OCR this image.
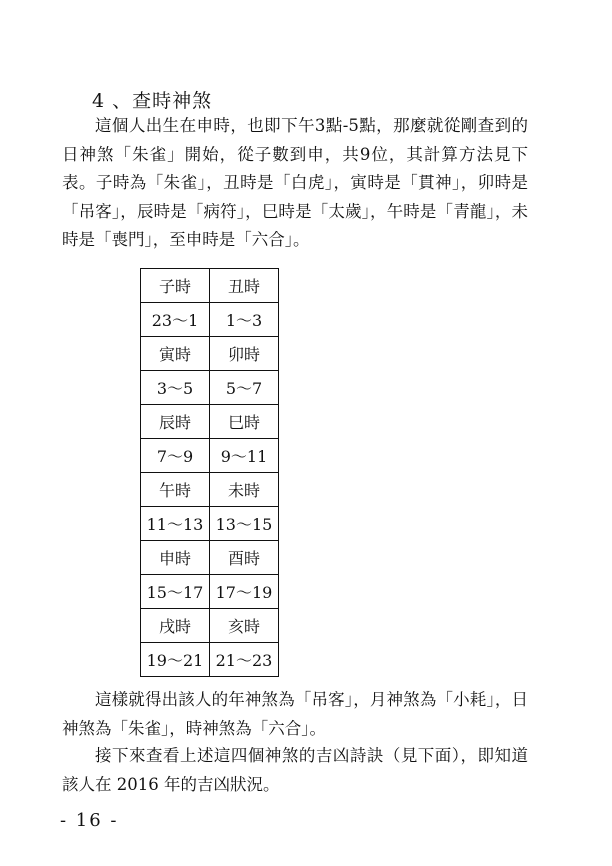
4 、查時神煞

這個人出生在申時，也即下午3點-5點，那麼就從剛查到的日神煞「朱雀」開始，從子數到申，共9位，其計算方法見下表。子時為「朱雀」，丑時是「白虎」，寅時是「貫神」，卯時是「吊客」，辰時是「病符」，巳時是「太歲」，午時是「青龍」，未時是「喪門」，至申時是「六合」。

子時	丑時
23～1	1～3
寅時	卯時
3～5	5～7
辰時	巳時
7～9	9～11
午時	未時
11～13	13～15
申時	酉時
15～17	17～19
戌時	亥時
19～21	21～23

這樣就得出該人的年神煞為「吊客」，月神煞為「小耗」，日神煞為「朱雀」，時神煞為「六合」。

接下來查看上述這四個神煞的吉凶詩訣（見下面），即知道該人在 2016 年的吉凶狀況。

- 16 -
